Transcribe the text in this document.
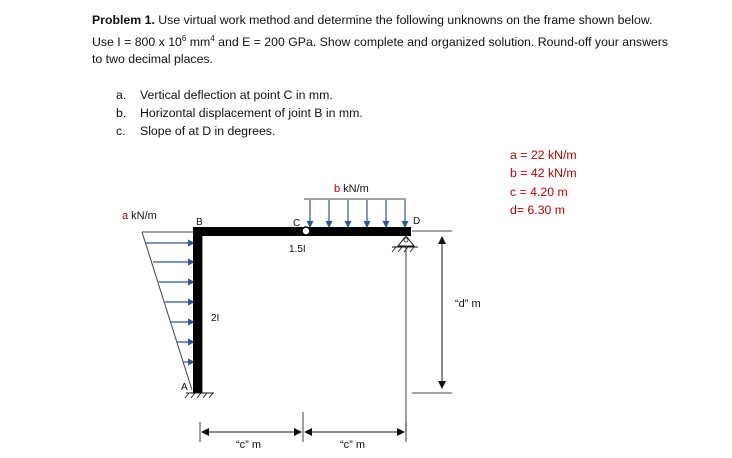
Problem 1. Use virtual work method and determine the following unknowns on the frame shown below.
Use I = 800 x $10^6$ $mm^4$ and E = 200 GPa. Show complete and organized solution. Round-off your answers
to two decimal places.
a.	Vertical deflection at point C in mm.
b.	Horizontal displacement of joint B in mm.
c.	Slope of at D in degrees.
a = 22 kN/m
b = 42 kN/m
c = 4.20 m
d= 6.30 m
a kN/m
b kN/m
B	C	D
A
1.5I
2I
“c” m	“c” m
“d” m
